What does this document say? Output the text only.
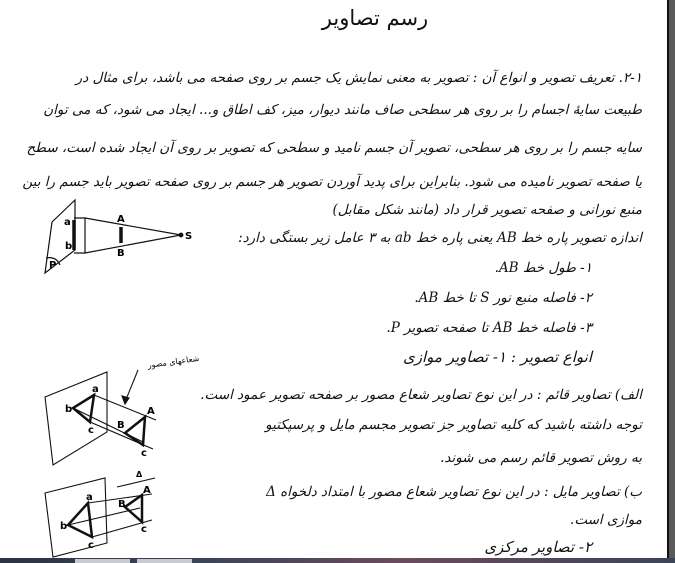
رسم تصاویر
۲-۱. تعریف تصویر و انواع آن : تصویر به معنی نمایش یک جسم بر روی صفحه می باشد، برای مثال در
طبیعت سایهٔ اجسام را بر روی هر سطحی صاف مانند دیوار، میز، کف اطاق و... ایجاد می شود، که می توان
سایه جسم را بر روی هر سطحی، تصویر آن جسم نامید و سطحی که تصویر بر روی آن ایجاد شده است، سطح
یا صفحه تصویر نامیده می شود. بنابراین برای پدید آوردن تصویر هر جسم بر روی صفحه تصویر باید جسم را بین
منبع نورانی و صفحه تصویر قرار داد (مانند شکل مقابل)
اندازه تصویر پاره خط AB یعنی پاره خط ab به ۳ عامل زیر بستگی دارد:
۱- طول خط AB.
۲- فاصله منبع نور S تا خط AB.
۳- فاصله خط AB تا صفحه تصویر P.
انواع تصویر : ۱- تصاویر موازی
الف) تصاویر قائم : در این نوع تصاویر شعاع مصور بر صفحه تصویر عمود است.
توجه داشته باشید که کلیه تصاویر جز تصویر مجسم مایل و پرسپکتیو
به روش تصویر قائم رسم می شوند.
ب) تصاویر مایل : در این نوع تصاویر شعاع مصور با امتداد دلخواه Δ
موازی است.
۲- تصاویر مرکزی
a
b
A
B
S
P
شعاعهای مصور
a
b
c
A
B
c
Δ
a
b
c
A
B
c
